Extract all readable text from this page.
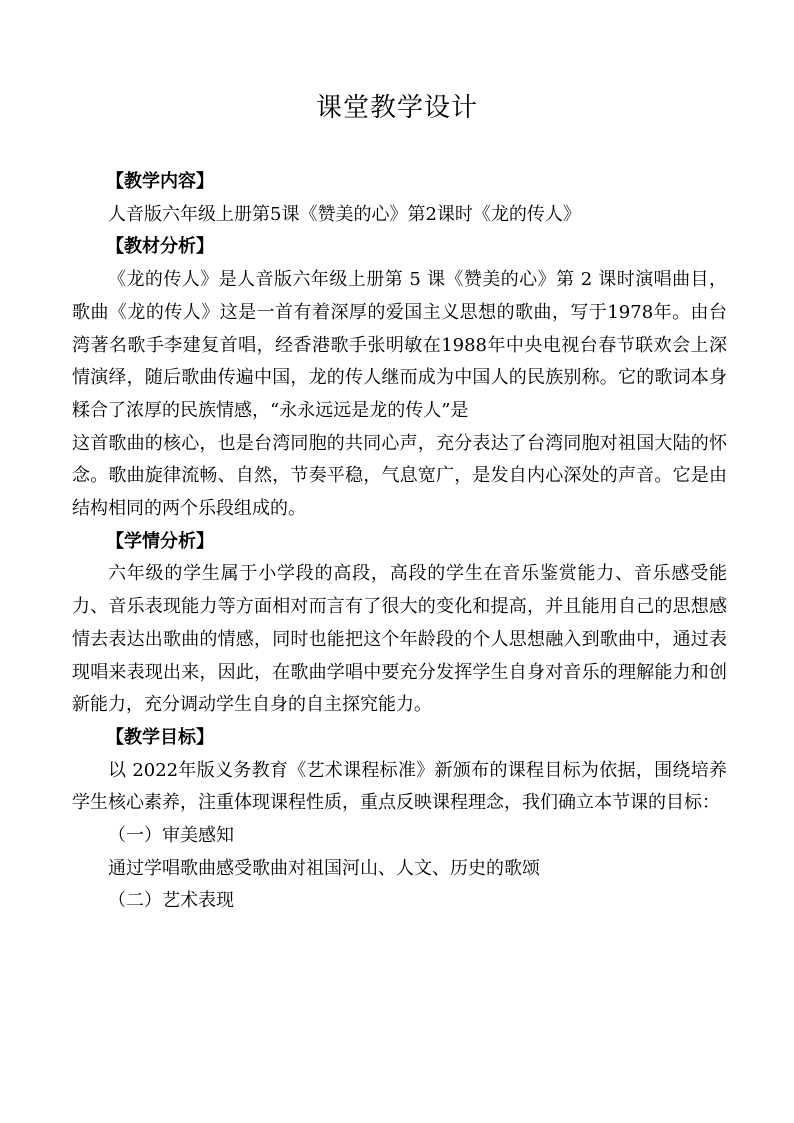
课堂教学设计

【教学内容】

人音版六年级上册第5课《赞美的心》第2课时《龙的传人》

【教材分析】

《龙的传人》是人音版六年级上册第 5 课《赞美的心》第 2 课时演唱曲目，歌曲《龙的传人》这是一首有着深厚的爱国主义思想的歌曲，写于1978年。由台湾著名歌手李建复首唱，经香港歌手张明敏在1988年中央电视台春节联欢会上深情演绎，随后歌曲传遍中国，龙的传人继而成为中国人的民族别称。它的歌词本身糅合了浓厚的民族情感，“永永远远是龙的传人”是

这首歌曲的核心，也是台湾同胞的共同心声，充分表达了台湾同胞对祖国大陆的怀念。歌曲旋律流畅、自然，节奏平稳，气息宽广，是发自内心深处的声音。它是由结构相同的两个乐段组成的。

【学情分析】

六年级的学生属于小学段的高段，高段的学生在音乐鉴赏能力、音乐感受能力、音乐表现能力等方面相对而言有了很大的变化和提高，并且能用自己的思想感情去表达出歌曲的情感，同时也能把这个年龄段的个人思想融入到歌曲中，通过表现唱来表现出来，因此，在歌曲学唱中要充分发挥学生自身对音乐的理解能力和创新能力，充分调动学生自身的自主探究能力。

【教学目标】

以 2022年版义务教育《艺术课程标准》新颁布的课程目标为依据，围绕培养学生核心素养，注重体现课程性质，重点反映课程理念，我们确立本节课的目标：

（一）审美感知

通过学唱歌曲感受歌曲对祖国河山、人文、历史的歌颂

（二）艺术表现
